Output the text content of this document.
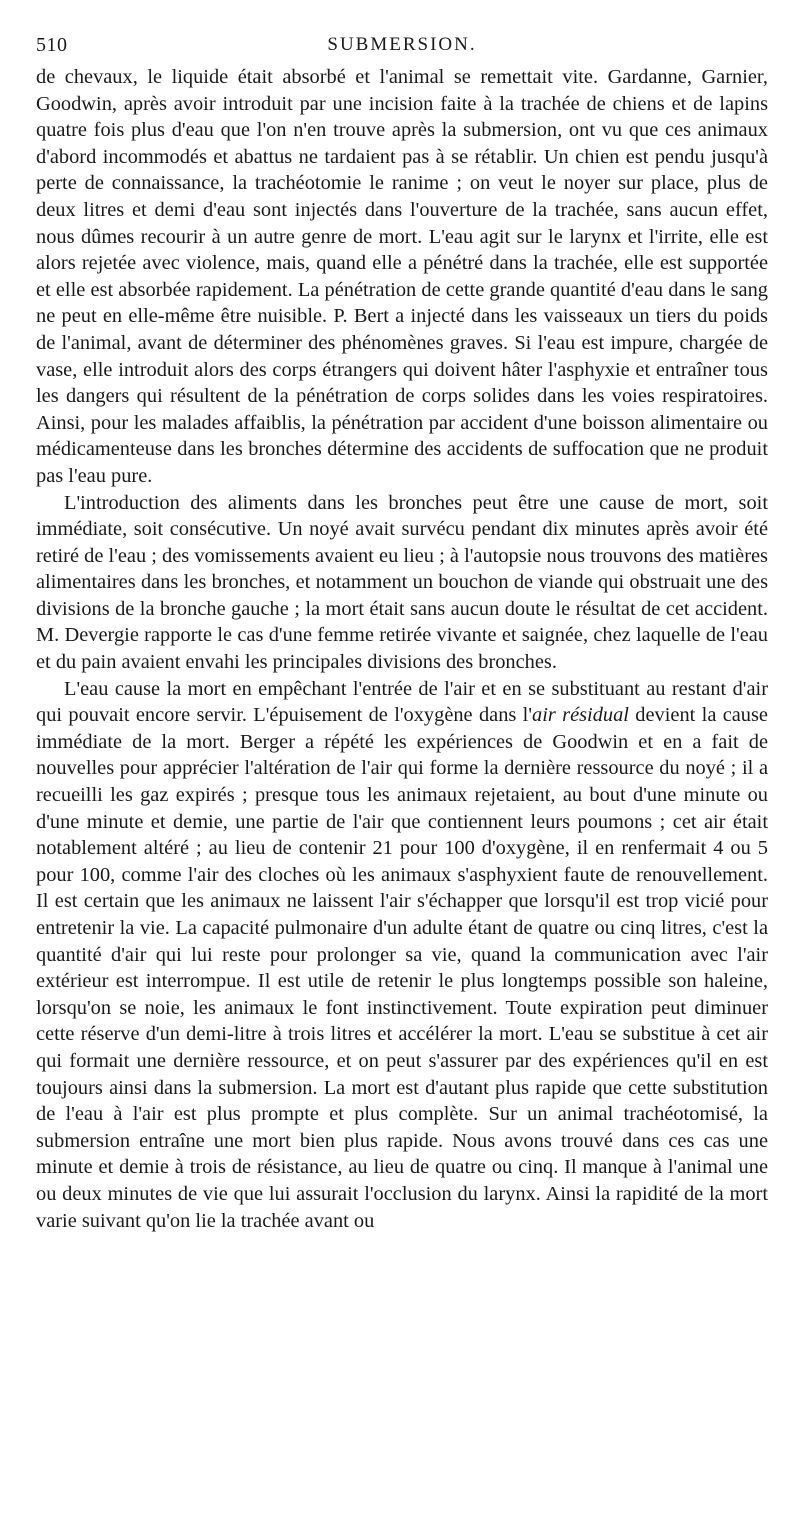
510	SUBMERSION.

de chevaux, le liquide était absorbé et l'animal se remettait vite. Gardanne, Garnier, Goodwin, après avoir introduit par une incision faite à la trachée de chiens et de lapins quatre fois plus d'eau que l'on n'en trouve après la submersion, ont vu que ces animaux d'abord incommodés et abattus ne tardaient pas à se rétablir. Un chien est pendu jusqu'à perte de connaissance, la trachéotomie le ranime ; on veut le noyer sur place, plus de deux litres et demi d'eau sont injectés dans l'ouverture de la trachée, sans aucun effet, nous dûmes recourir à un autre genre de mort. L'eau agit sur le larynx et l'irrite, elle est alors rejetée avec violence, mais, quand elle a pénétré dans la trachée, elle est supportée et elle est absorbée rapidement. La pénétration de cette grande quantité d'eau dans le sang ne peut en elle-même être nuisible. P. Bert a injecté dans les vaisseaux un tiers du poids de l'animal, avant de déterminer des phénomènes graves. Si l'eau est impure, chargée de vase, elle introduit alors des corps étrangers qui doivent hâter l'asphyxie et entraîner tous les dangers qui résultent de la pénétration de corps solides dans les voies respiratoires. Ainsi, pour les malades affaiblis, la pénétration par accident d'une boisson alimentaire ou médicamenteuse dans les bronches détermine des accidents de suffocation que ne produit pas l'eau pure.

L'introduction des aliments dans les bronches peut être une cause de mort, soit immédiate, soit consécutive. Un noyé avait survécu pendant dix minutes après avoir été retiré de l'eau ; des vomissements avaient eu lieu ; à l'autopsie nous trouvons des matières alimentaires dans les bronches, et notamment un bouchon de viande qui obstruait une des divisions de la bronche gauche ; la mort était sans aucun doute le résultat de cet accident. M. Devergie rapporte le cas d'une femme retirée vivante et saignée, chez laquelle de l'eau et du pain avaient envahi les principales divisions des bronches.

L'eau cause la mort en empêchant l'entrée de l'air et en se substituant au restant d'air qui pouvait encore servir. L'épuisement de l'oxygène dans l'air résidual devient la cause immédiate de la mort. Berger a répété les expériences de Goodwin et en a fait de nouvelles pour apprécier l'altération de l'air qui forme la dernière ressource du noyé ; il a recueilli les gaz expirés ; presque tous les animaux rejetaient, au bout d'une minute ou d'une minute et demie, une partie de l'air que contiennent leurs poumons ; cet air était notablement altéré ; au lieu de contenir 21 pour 100 d'oxygène, il en renfermait 4 ou 5 pour 100, comme l'air des cloches où les animaux s'asphyxient faute de renouvellement. Il est certain que les animaux ne laissent l'air s'échapper que lorsqu'il est trop vicié pour entretenir la vie. La capacité pulmonaire d'un adulte étant de quatre ou cinq litres, c'est la quantité d'air qui lui reste pour prolonger sa vie, quand la communication avec l'air extérieur est interrompue. Il est utile de retenir le plus longtemps possible son haleine, lorsqu'on se noie, les animaux le font instinctivement. Toute expiration peut diminuer cette réserve d'un demi-litre à trois litres et accélérer la mort. L'eau se substitue à cet air qui formait une dernière ressource, et on peut s'assurer par des expériences qu'il en est toujours ainsi dans la submersion. La mort est d'autant plus rapide que cette substitution de l'eau à l'air est plus prompte et plus complète. Sur un animal trachéotomisé, la submersion entraîne une mort bien plus rapide. Nous avons trouvé dans ces cas une minute et demie à trois de résistance, au lieu de quatre ou cinq. Il manque à l'animal une ou deux minutes de vie que lui assurait l'occlusion du larynx. Ainsi la rapidité de la mort varie suivant qu'on lie la trachée avant ou
